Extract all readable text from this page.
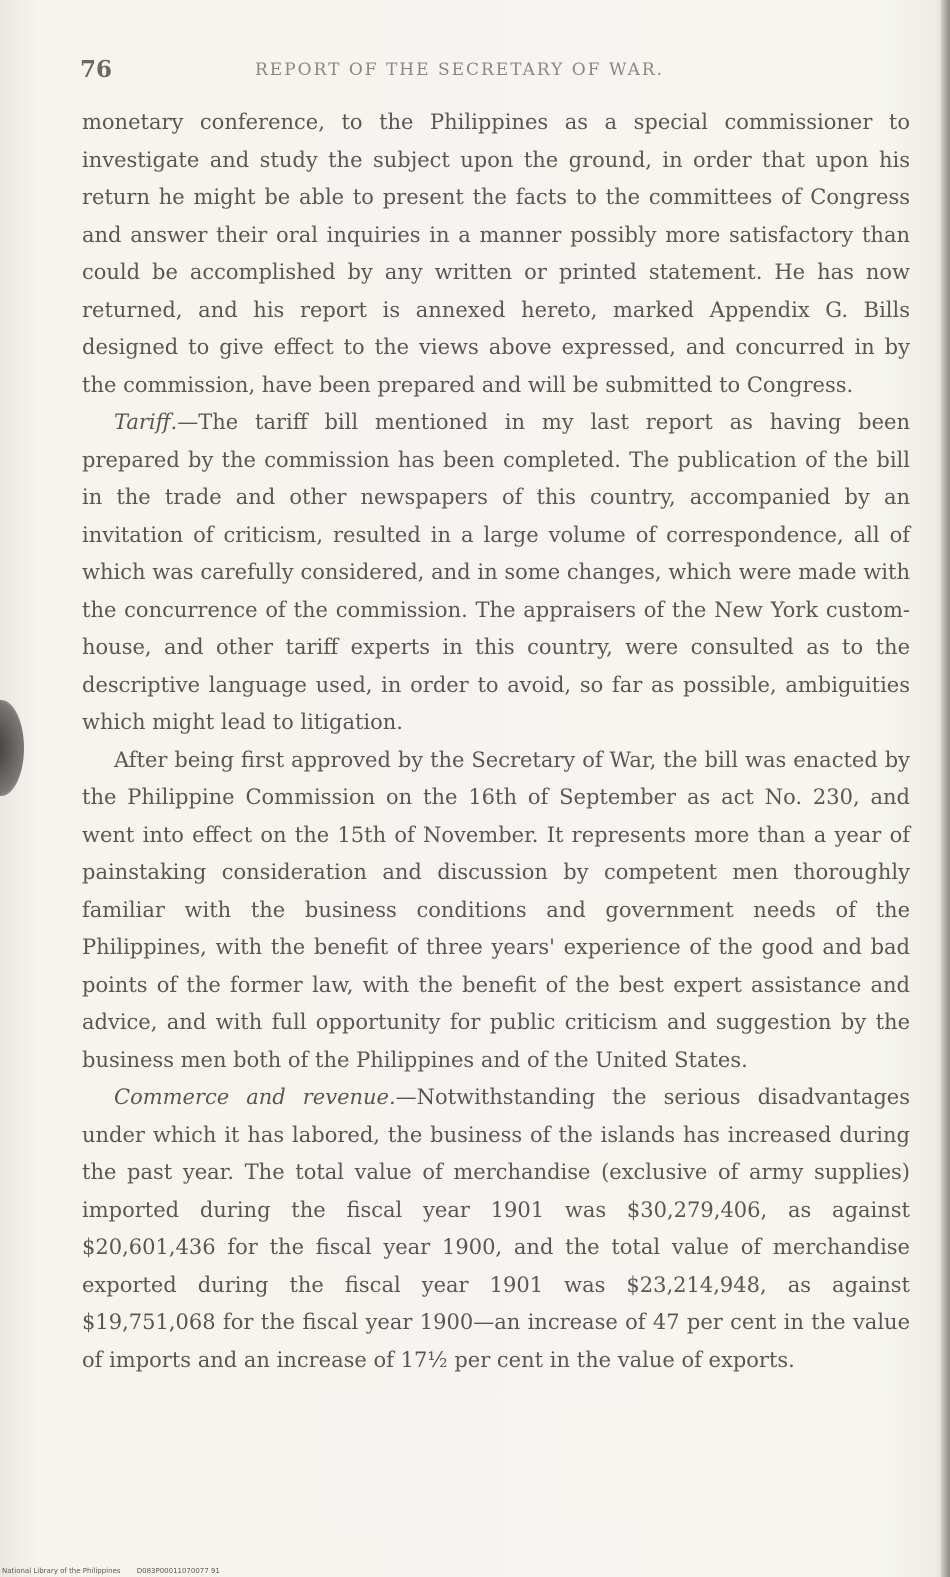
76	REPORT OF THE SECRETARY OF WAR.

monetary conference, to the Philippines as a special commissioner to investigate and study the subject upon the ground, in order that upon his return he might be able to present the facts to the committees of Congress and answer their oral inquiries in a manner possibly more satisfactory than could be accomplished by any written or printed statement. He has now returned, and his report is annexed hereto, marked Appendix G. Bills designed to give effect to the views above expressed, and concurred in by the commission, have been prepared and will be submitted to Congress.

Tariff.—The tariff bill mentioned in my last report as having been prepared by the commission has been completed. The publication of the bill in the trade and other newspapers of this country, accompanied by an invitation of criticism, resulted in a large volume of correspondence, all of which was carefully considered, and in some changes, which were made with the concurrence of the commission. The appraisers of the New York custom-house, and other tariff experts in this country, were consulted as to the descriptive language used, in order to avoid, so far as possible, ambiguities which might lead to litigation.

After being first approved by the Secretary of War, the bill was enacted by the Philippine Commission on the 16th of September as act No. 230, and went into effect on the 15th of November. It represents more than a year of painstaking consideration and discussion by competent men thoroughly familiar with the business conditions and government needs of the Philippines, with the benefit of three years' experience of the good and bad points of the former law, with the benefit of the best expert assistance and advice, and with full opportunity for public criticism and suggestion by the business men both of the Philippines and of the United States.

Commerce and revenue.—Notwithstanding the serious disadvantages under which it has labored, the business of the islands has increased during the past year. The total value of merchandise (exclusive of army supplies) imported during the fiscal year 1901 was $30,279,406, as against $20,601,436 for the fiscal year 1900, and the total value of merchandise exported during the fiscal year 1901 was $23,214,948, as against $19,751,068 for the fiscal year 1900—an increase of 47 per cent in the value of imports and an increase of 17½ per cent in the value of exports.

National Library of the Philippines D083P00011070077 91
